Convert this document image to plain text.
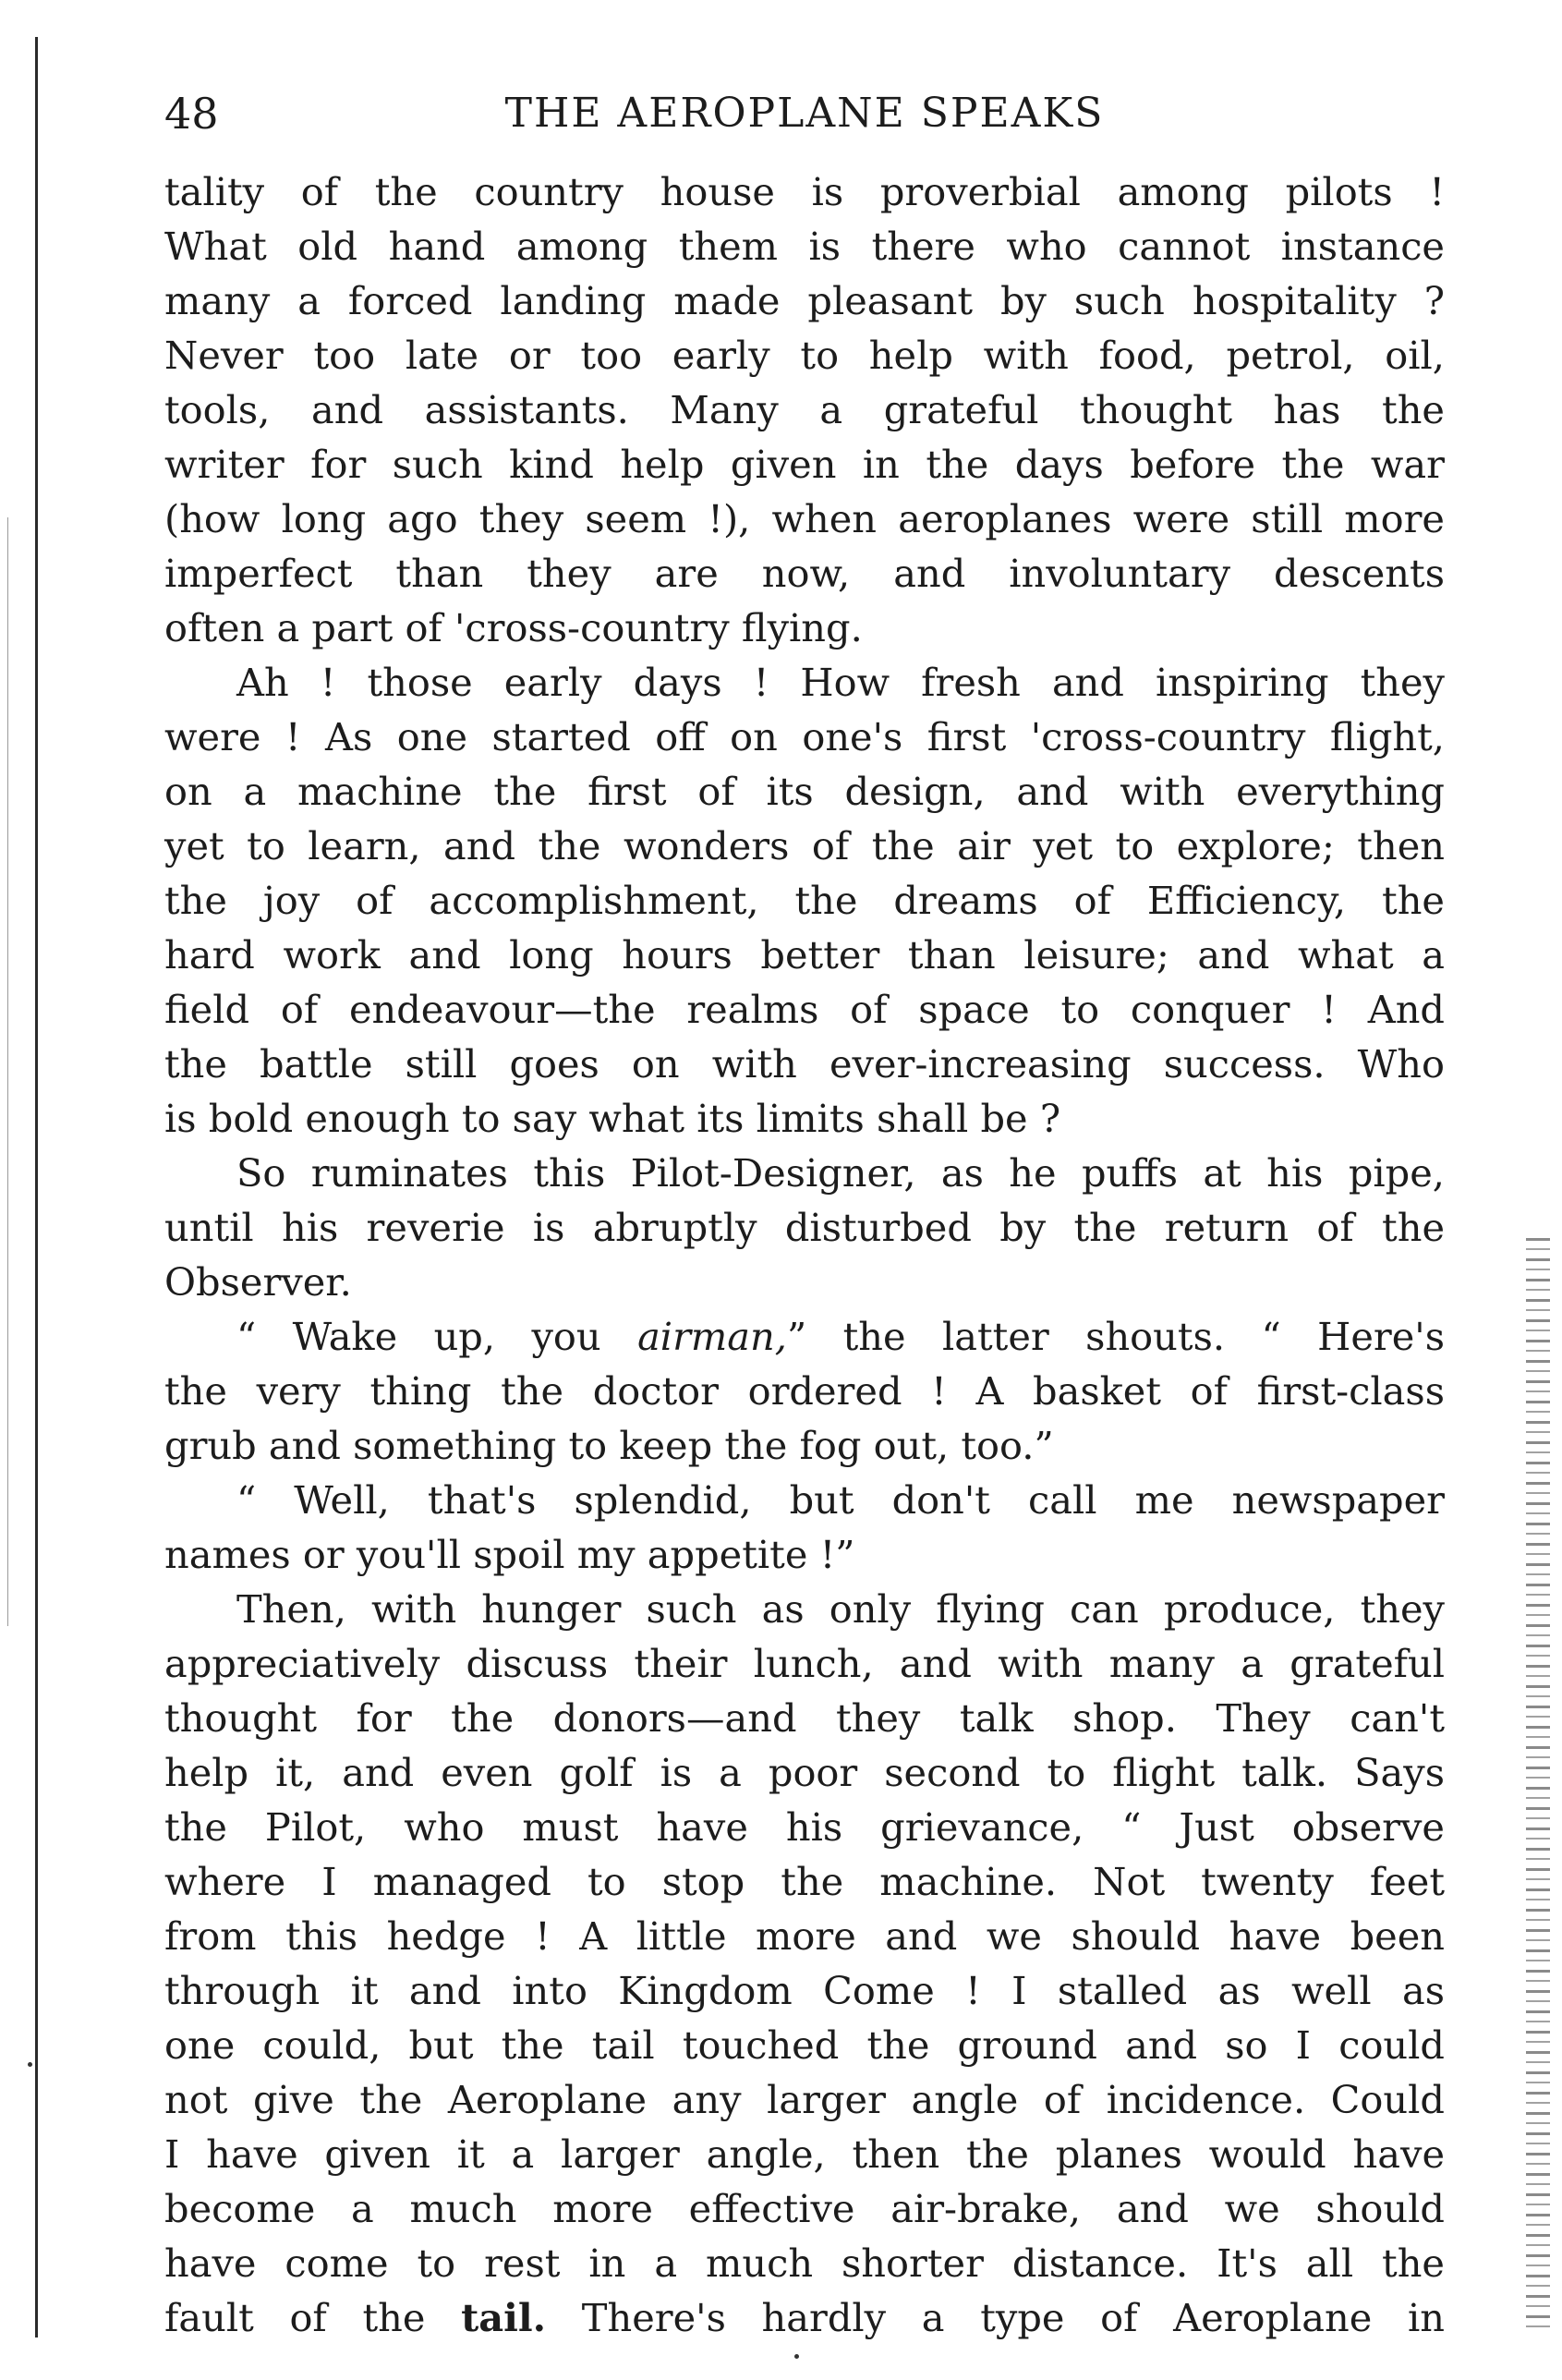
48	THE AEROPLANE SPEAKS
tality of the country house is proverbial among pilots !
What old hand among them is there who cannot instance
many a forced landing made pleasant by such hospitality ?
Never too late or too early to help with food, petrol, oil,
tools, and assistants. Many a grateful thought has the
writer for such kind help given in the days before the war
(how long ago they seem !), when aeroplanes were still more
imperfect than they are now, and involuntary descents
often a part of 'cross-country flying.
Ah ! those early days ! How fresh and inspiring they
were ! As one started off on one's first 'cross-country flight,
on a machine the first of its design, and with everything
yet to learn, and the wonders of the air yet to explore; then
the joy of accomplishment, the dreams of Efficiency, the
hard work and long hours better than leisure; and what a
field of endeavour—the realms of space to conquer ! And
the battle still goes on with ever-increasing success. Who
is bold enough to say what its limits shall be ?
So ruminates this Pilot-Designer, as he puffs at his pipe,
until his reverie is abruptly disturbed by the return of the
Observer.
“ Wake up, you airman,” the latter shouts. “ Here's
the very thing the doctor ordered ! A basket of first-class
grub and something to keep the fog out, too.”
“ Well, that's splendid, but don't call me newspaper
names or you'll spoil my appetite !”
Then, with hunger such as only flying can produce, they
appreciatively discuss their lunch, and with many a grateful
thought for the donors—and they talk shop. They can't
help it, and even golf is a poor second to flight talk. Says
the Pilot, who must have his grievance, “ Just observe
where I managed to stop the machine. Not twenty feet
from this hedge ! A little more and we should have been
through it and into Kingdom Come ! I stalled as well as
one could, but the tail touched the ground and so I could
not give the Aeroplane any larger angle of incidence. Could
I have given it a larger angle, then the planes would have
become a much more effective air-brake, and we should
have come to rest in a much shorter distance. It's all the
fault of the tail. There's hardly a type of Aeroplane in
